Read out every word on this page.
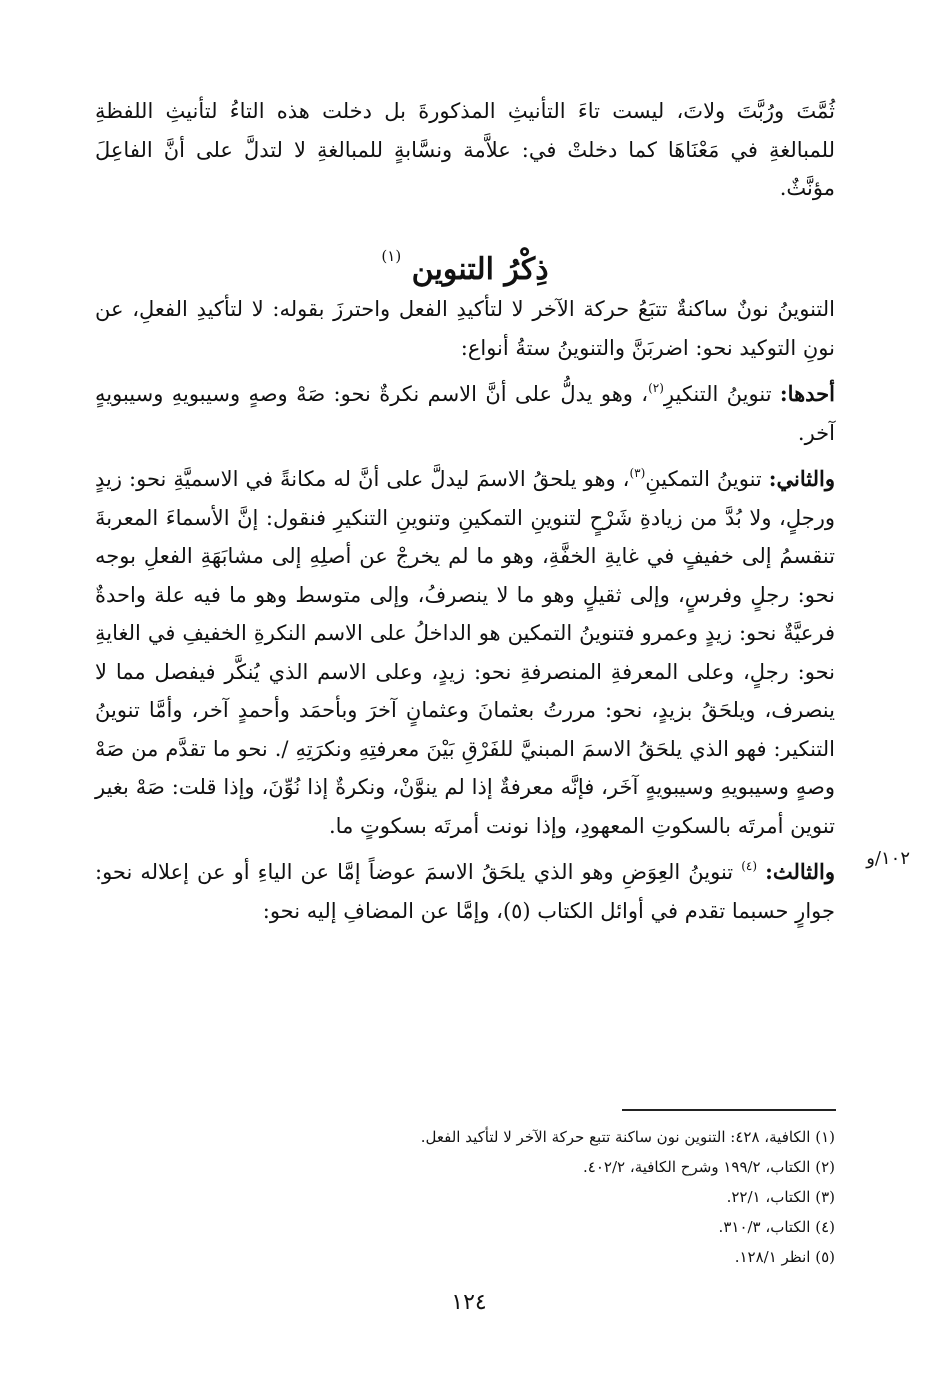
ثُمَّتَ ورُبَّتَ ولاتَ، ليست تاءَ التأنيثِ المذكورةَ بل دخلت هذه التاءُ لتأنيثِ اللفظةِ للمبالغةِ في مَعْنَاهَا كما دخلتْ في: علاَّمة ونسَّابةٍ للمبالغةِ لا لتدلَّ على أنَّ الفاعِلَ مؤنَّثٌ.

ذِكْرُ التنوين $^{(١)}$

التنوينُ نونٌ ساكنةٌ تتبَعُ حركة الآخر لا لتأكيدِ الفعل واحترزَ بقوله: لا لتأكيدِ الفعلِ، عن نونِ التوكيد نحو: اضربَنَّ والتنوينُ ستةُ أنواع:

أحدها: تنوينُ التنكيرِ$^{(٢)}$، وهو يدلُّ على أنَّ الاسم نكرةٌ نحو: صَهْ وصهٍ وسيبويهِ وسيبويهٍ آخر.

والثاني: تنوينُ التمكينِ$^{(٣)}$، وهو يلحقُ الاسمَ ليدلَّ على أنَّ له مكانةً في الاسميَّةِ نحو: زيدٍ ورجلٍ، ولا بُدَّ من زيادةِ شَرْحٍ لتنوينِ التمكينِ وتنوينِ التنكيرِ فنقول: إنَّ الأسماءَ المعربةَ تنقسمُ إلى خفيفٍ في غايةِ الخفَّةِ، وهو ما لم يخرجْ عن أصلِهِ إلى مشابَهَةِ الفعلِ بوجه نحو: رجلٍ وفرسٍ، وإلى ثقيلٍ وهو ما لا ينصرفُ، وإلى متوسط وهو ما فيه علة واحدةٌ فرعيَّةٌ نحو: زيدٍ وعمرو فتنوينُ التمكين هو الداخلُ على الاسم النكرةِ الخفيفِ في الغايةِ نحو: رجلٍ، وعلى المعرفةِ المنصرفةِ نحو: زيدٍ، وعلى الاسم الذي يُنكَّر فيفصل مما لا ينصرف، ويلحَقُ بزيدٍ، نحو: مررتُ بعثمانَ وعثمانٍ آخرَ وبأحمَد وأحمدٍ آخر، وأمَّا تنوينُ التنكير: فهو الذي يلحَقُ الاسمَ المبنيَّ للفَرْقِ بَيْنَ معرفتِهِ ونكرَتِهِ /. نحو ما تقدَّم من صَهْ وصهٍ وسيبويهِ وسيبويهٍ آخَر، فإنَّه معرفةٌ إذا لم ينوَّنْ، ونكرةٌ إذا نُوِّنَ، وإذا قلت: صَهْ بغير تنوين أمرتَه بالسكوتِ المعهودِ، وإذا نونت أمرتَه بسكوتٍ ما.

والثالث: $^{(٤)}$ تنوينُ العِوَضِ وهو الذي يلحَقُ الاسمَ عوضاً إمَّا عن الياءِ أو عن إعلاله نحو: جوارٍ حسبما تقدم في أوائل الكتاب (٥)، وإمَّا عن المضافِ إليه نحو:

١٠٢/و

(١) الكافية، ٤٢٨: التنوين نون ساكنة تتبع حركة الآخر لا لتأكيد الفعل.

(٢) الكتاب، ١٩٩/٢ وشرح الكافية، ٤٠٢/٢.

(٣) الكتاب، ٢٢/١.

(٤) الكتاب، ٣١٠/٣.

(٥) انظر ١٢٨/١.

١٢٤
